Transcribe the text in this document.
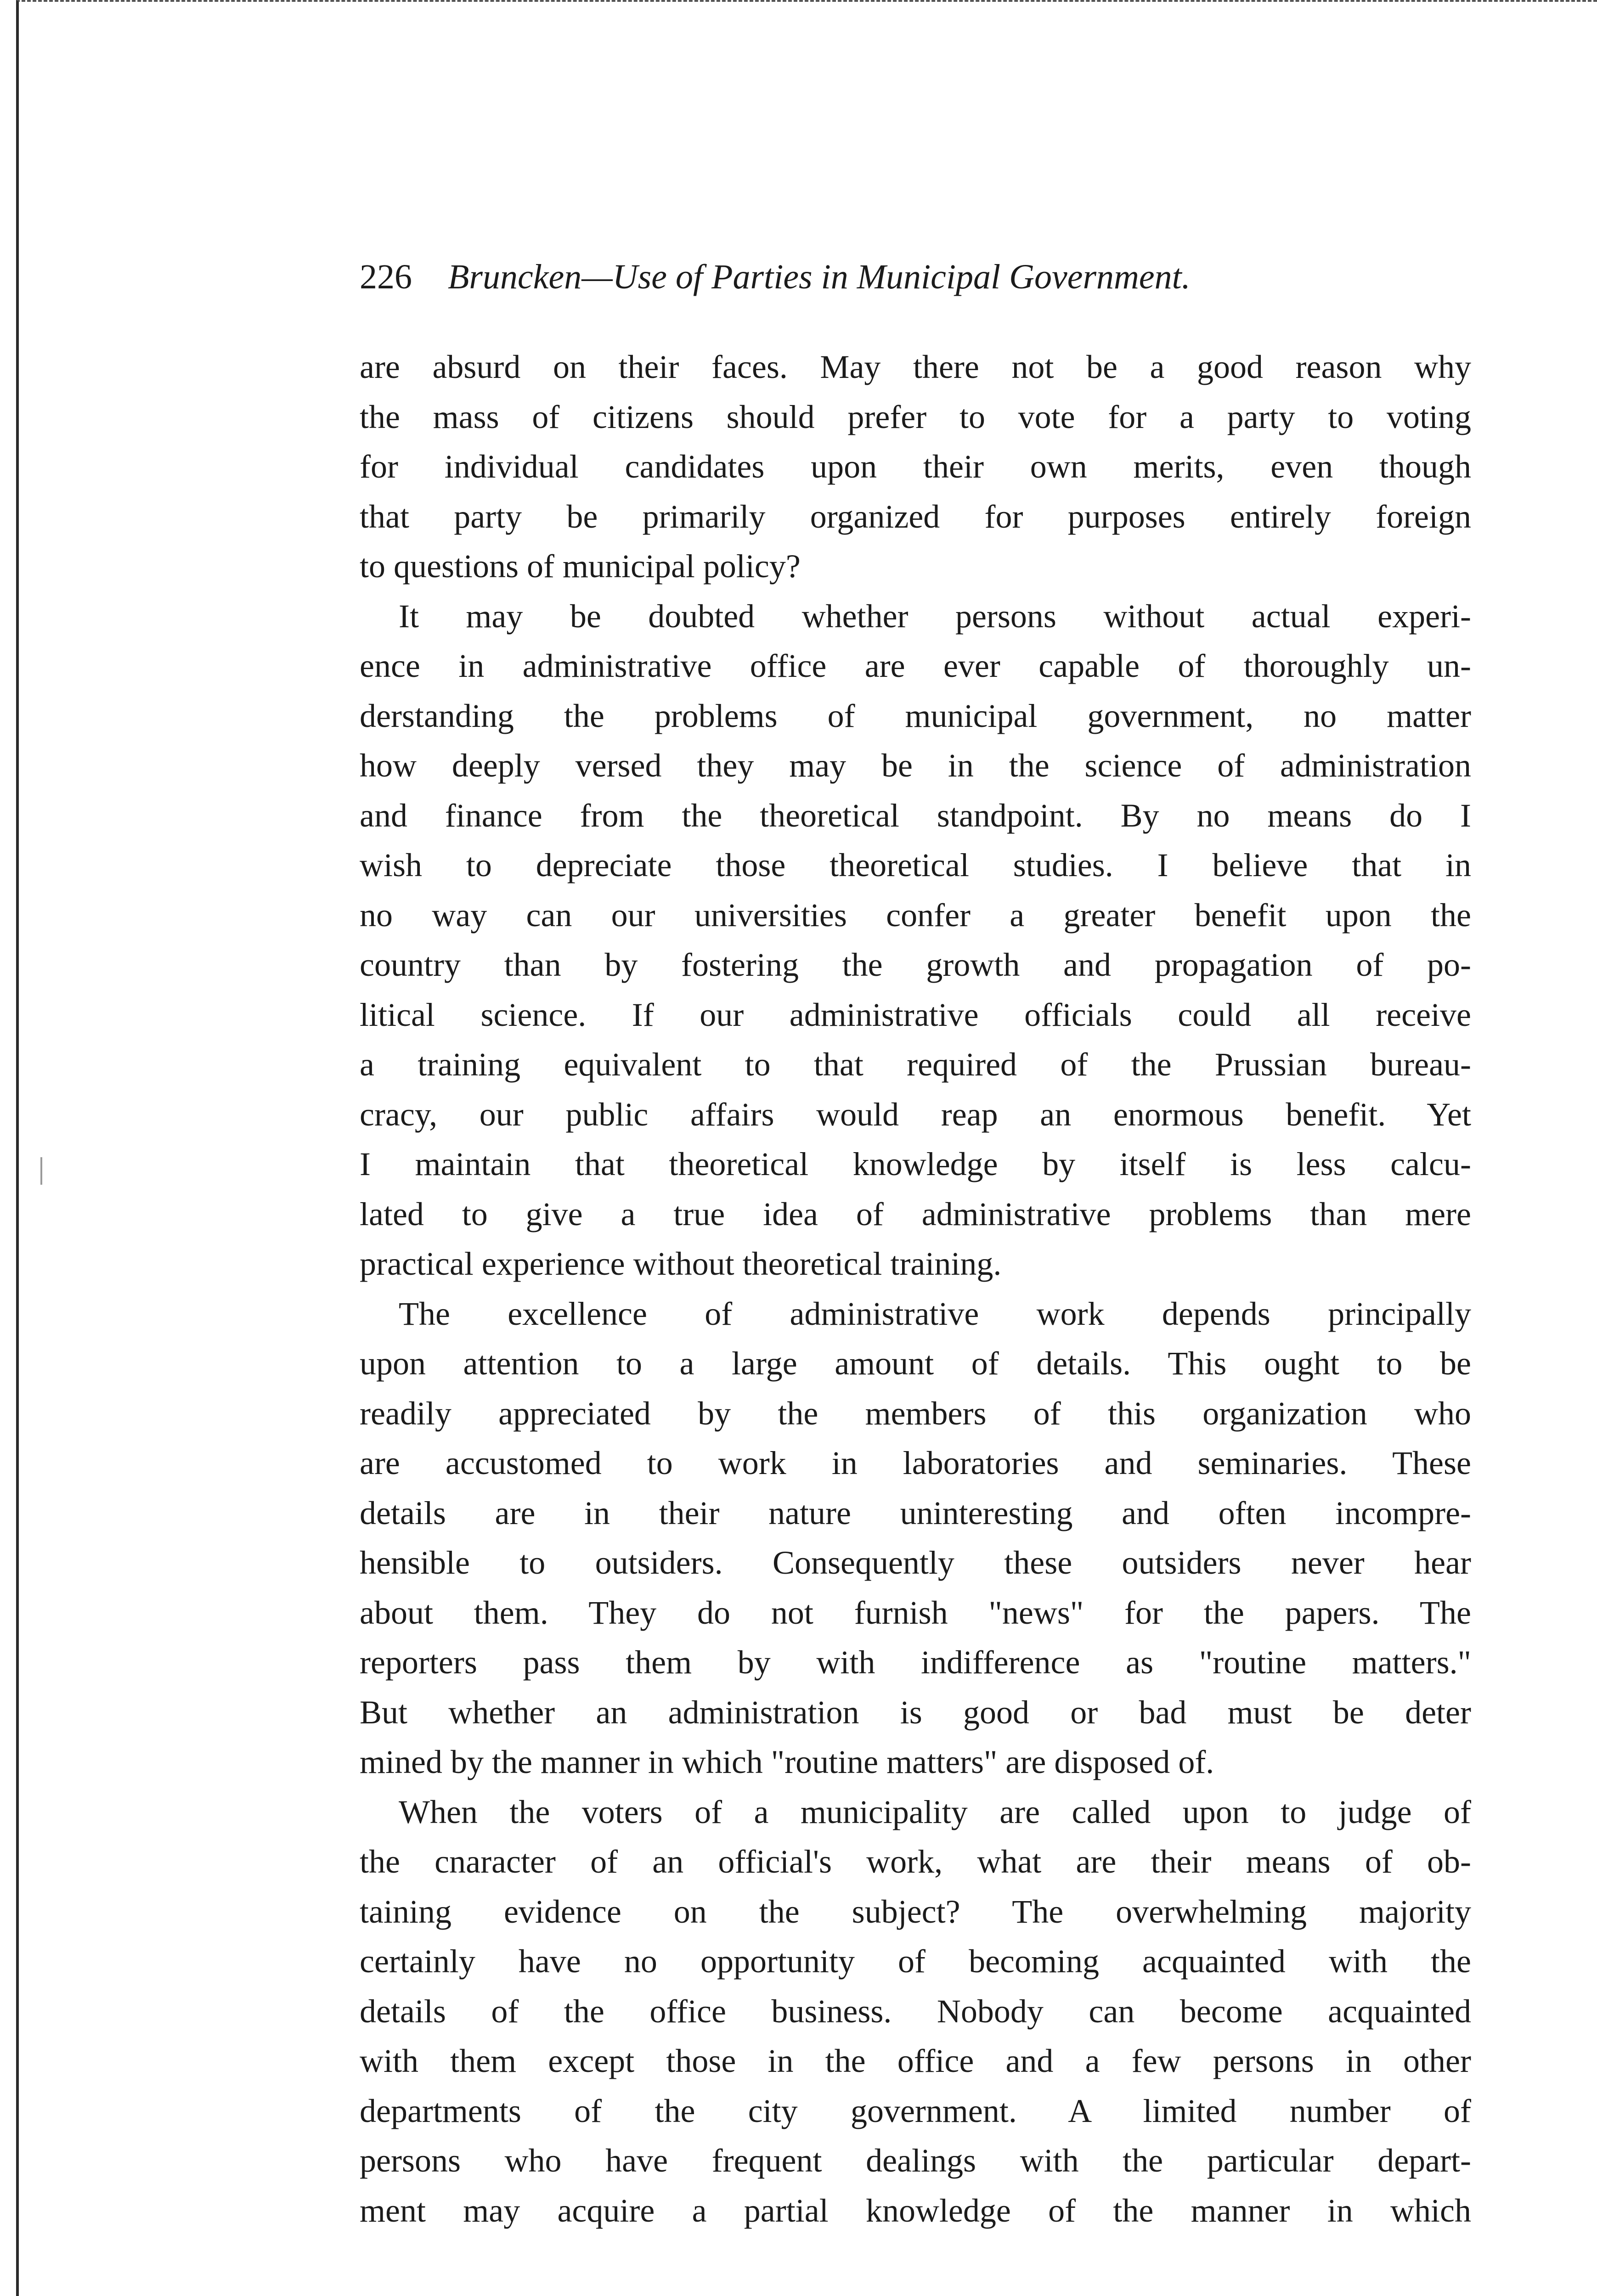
226 Bruncken—Use of Parties in Municipal Government.

are absurd on their faces. May there not be a good reason why
the mass of citizens should prefer to vote for a party to voting
for individual candidates upon their own merits, even though
that party be primarily organized for purposes entirely foreign
to questions of municipal policy?

It may be doubted whether persons without actual experi-
ence in administrative office are ever capable of thoroughly un-
derstanding the problems of municipal government, no matter
how deeply versed they may be in the science of administration
and finance from the theoretical standpoint. By no means do I
wish to depreciate those theoretical studies. I believe that in
no way can our universities confer a greater benefit upon the
country than by fostering the growth and propagation of po-
litical science. If our administrative officials could all receive
a training equivalent to that required of the Prussian bureau-
cracy, our public affairs would reap an enormous benefit. Yet
I maintain that theoretical knowledge by itself is less calcu-
lated to give a true idea of administrative problems than mere
practical experience without theoretical training.

The excellence of administrative work depends principally
upon attention to a large amount of details. This ought to be
readily appreciated by the members of this organization who
are accustomed to work in laboratories and seminaries. These
details are in their nature uninteresting and often incompre-
hensible to outsiders. Consequently these outsiders never hear
about them. They do not furnish "news" for the papers. The
reporters pass them by with indifference as "routine matters."
But whether an administration is good or bad must be deter
mined by the manner in which "routine matters" are disposed of.

When the voters of a municipality are called upon to judge of
the cnaracter of an official's work, what are their means of ob-
taining evidence on the subject? The overwhelming majority
certainly have no opportunity of becoming acquainted with the
details of the office business. Nobody can become acquainted
with them except those in the office and a few persons in other
departments of the city government. A limited number of
persons who have frequent dealings with the particular depart-
ment may acquire a partial knowledge of the manner in which
